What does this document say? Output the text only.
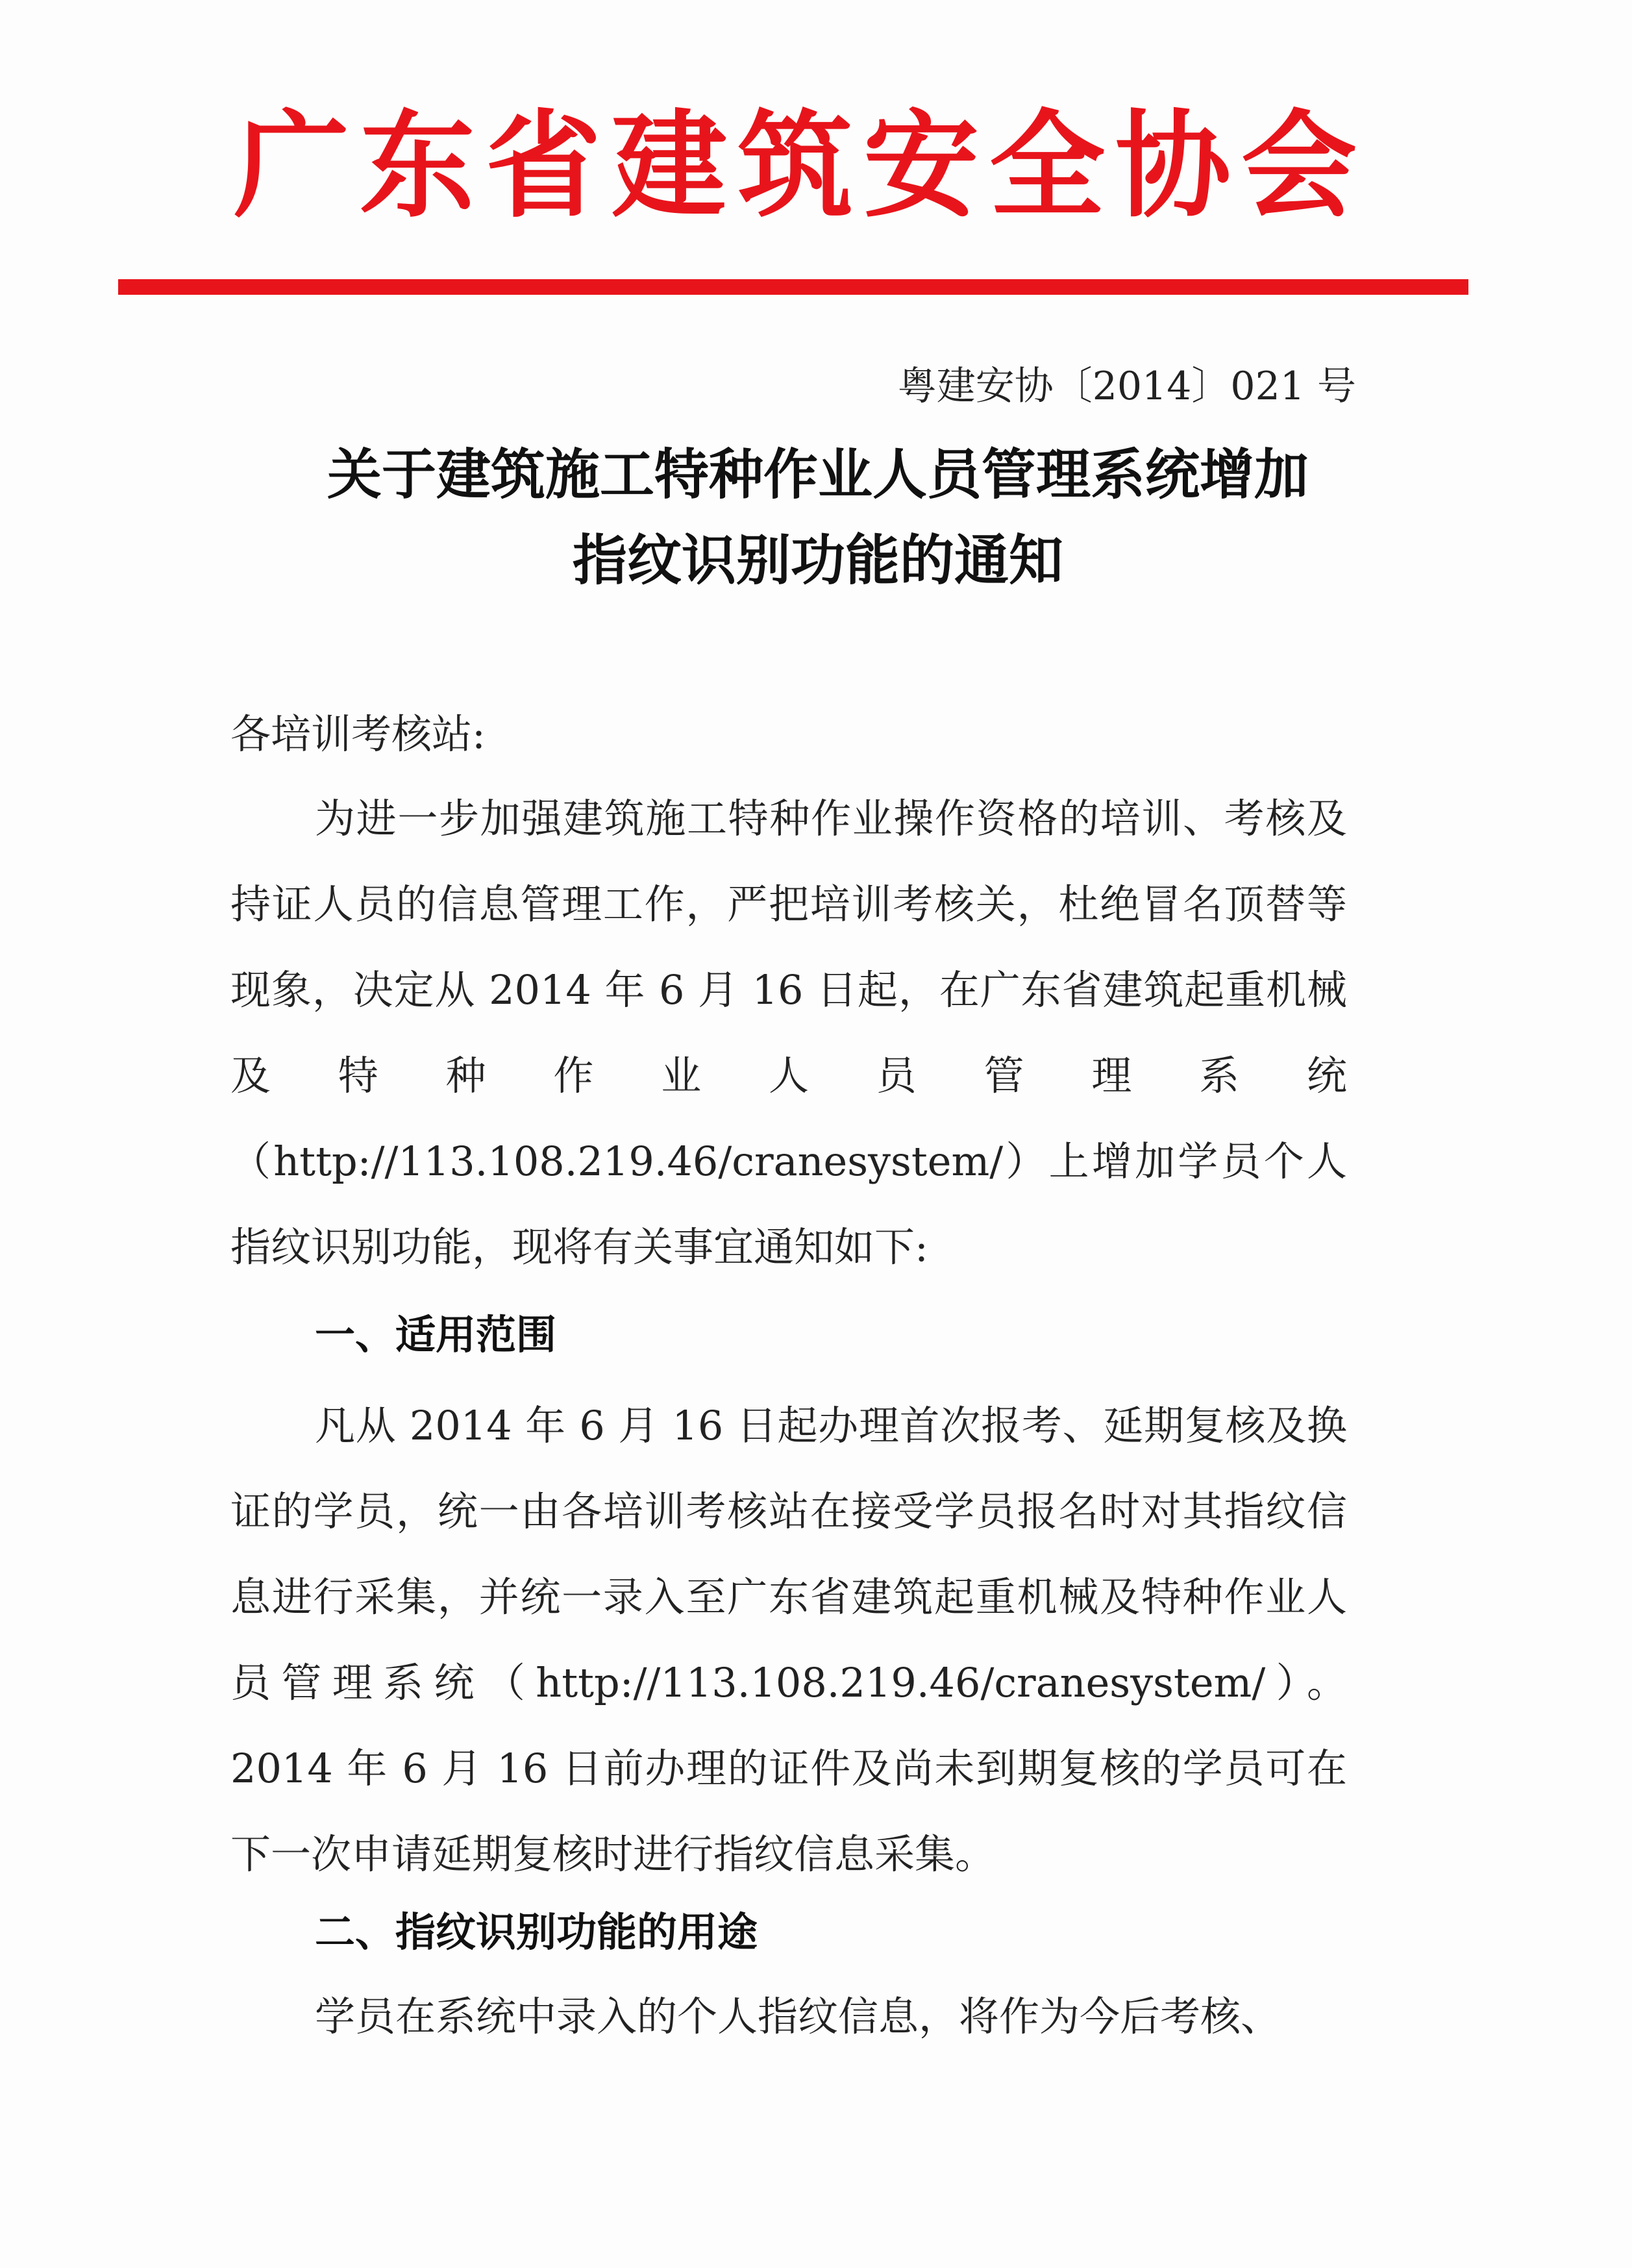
广东省建筑安全协会
粤建安协〔2014〕021 号
关于建筑施工特种作业人员管理系统增加
指纹识别功能的通知
各培训考核站:
为进一步加强建筑施工特种作业操作资格的培训、考核及持证人员的信息管理工作，严把培训考核关，杜绝冒名顶替等现象，决定从 2014 年 6 月 16 日起，在广东省建筑起重机械及特种作业人员管理系统（http://113.108.219.46/cranesystem/）上增加学员个人指纹识别功能，现将有关事宜通知如下:
一、适用范围
凡从 2014 年 6 月 16 日起办理首次报考、延期复核及换证的学员，统一由各培训考核站在接受学员报名时对其指纹信息进行采集，并统一录入至广东省建筑起重机械及特种作业人员管理系统（http://113.108.219.46/cranesystem/）。2014 年 6 月 16 日前办理的证件及尚未到期复核的学员可在下一次申请延期复核时进行指纹信息采集。
二、指纹识别功能的用途
学员在系统中录入的个人指纹信息，将作为今后考核、
